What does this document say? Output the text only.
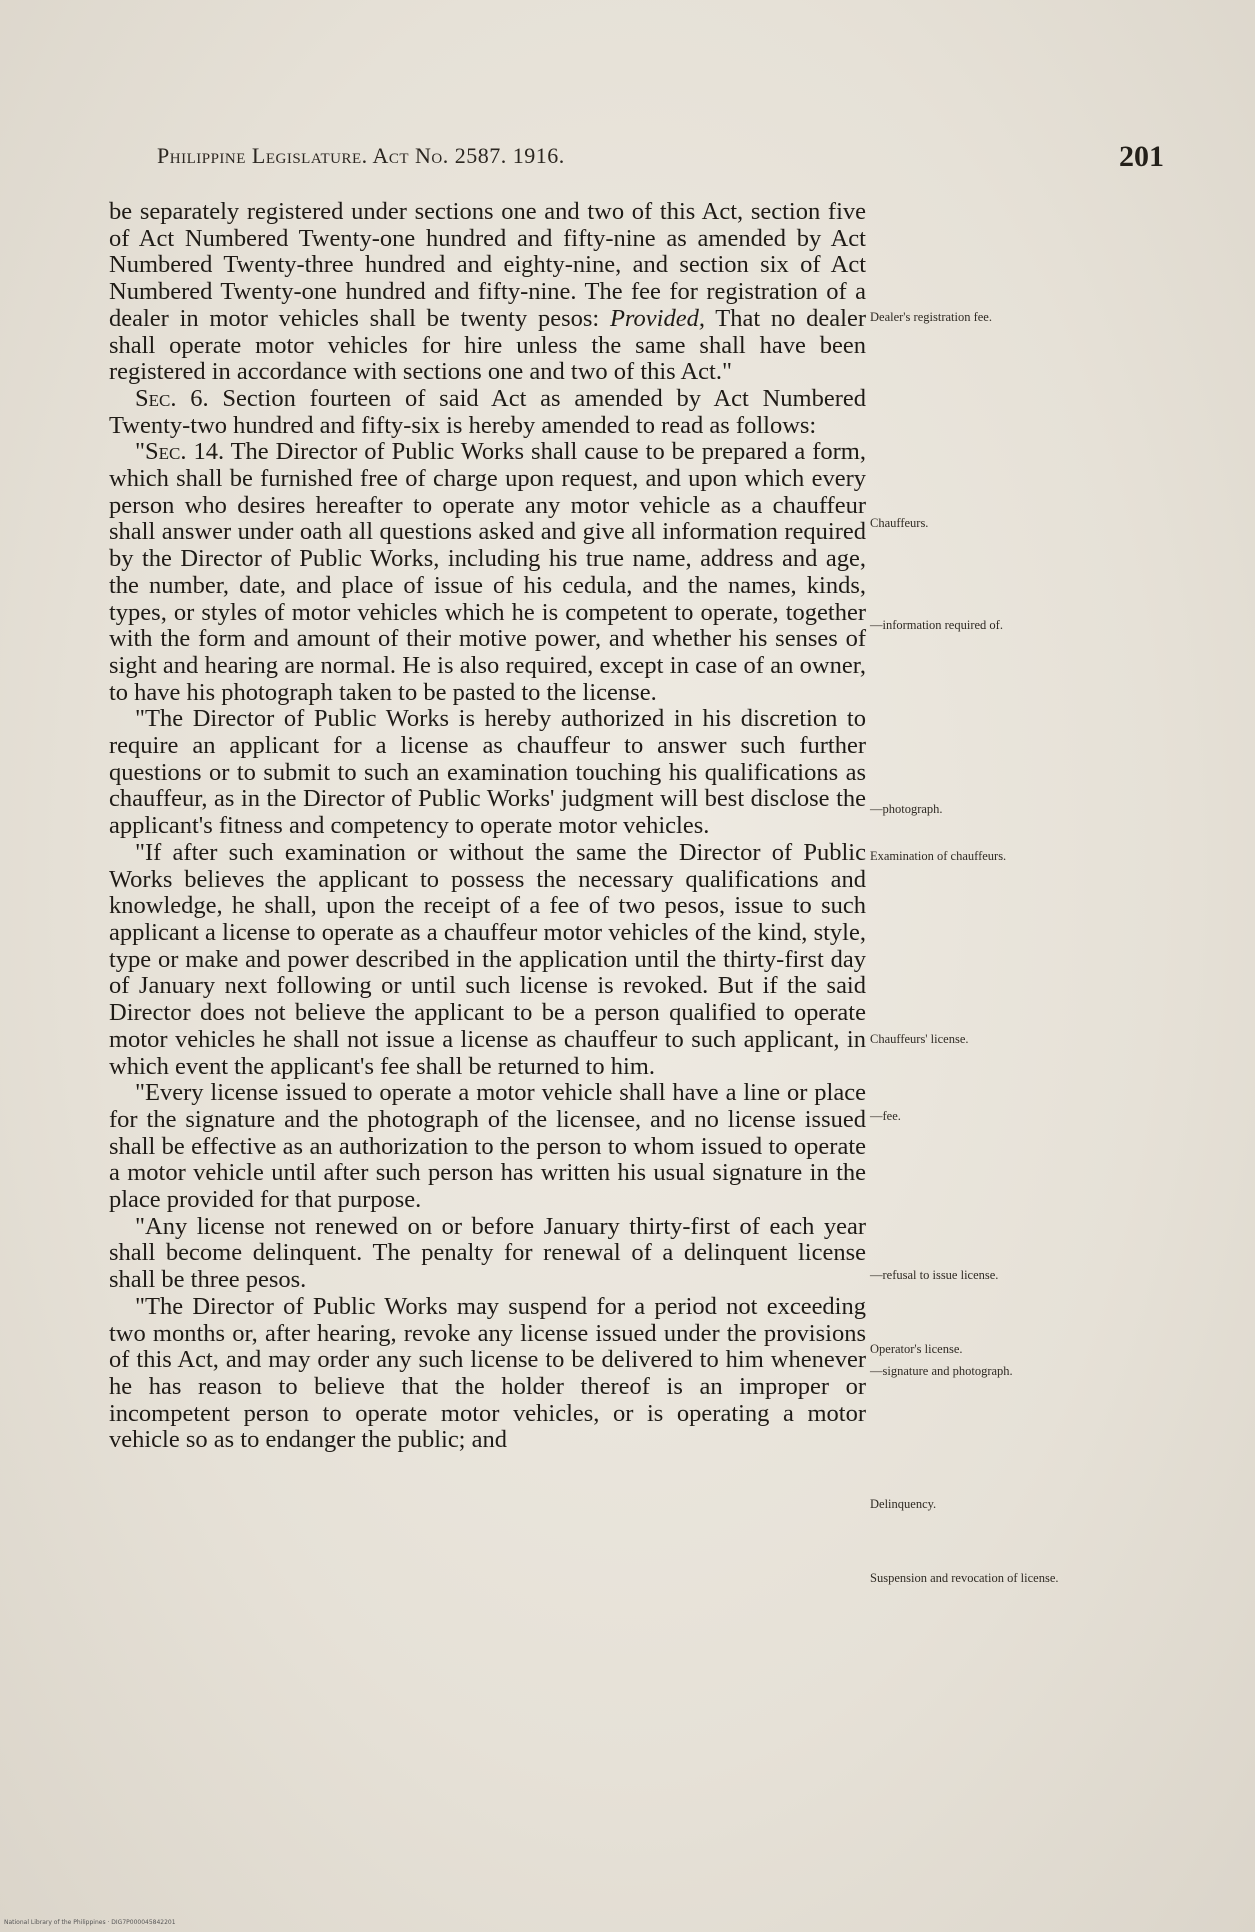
Philippine Legislature. Act No. 2587. 1916.	201

be separately registered under sections one and two of this Act, section five of Act Numbered Twenty-one hundred and fifty-nine as amended by Act Numbered Twenty-three hundred and eighty-nine, and section six of Act Numbered Twenty-one hundred and fifty-nine. The fee for registration of a dealer in motor vehicles shall be twenty pesos: Provided, That no dealer shall operate motor vehicles for hire unless the same shall have been registered in accordance with sections one and two of this Act."

Sec. 6. Section fourteen of said Act as amended by Act Numbered Twenty-two hundred and fifty-six is hereby amended to read as follows:

"Sec. 14. The Director of Public Works shall cause to be prepared a form, which shall be furnished free of charge upon request, and upon which every person who desires hereafter to operate any motor vehicle as a chauffeur shall answer under oath all questions asked and give all information required by the Director of Public Works, including his true name, address and age, the number, date, and place of issue of his cedula, and the names, kinds, types, or styles of motor vehicles which he is competent to operate, together with the form and amount of their motive power, and whether his senses of sight and hearing are normal. He is also required, except in case of an owner, to have his photograph taken to be pasted to the license.

"The Director of Public Works is hereby authorized in his discretion to require an applicant for a license as chauffeur to answer such further questions or to submit to such an examination touching his qualifications as chauffeur, as in the Director of Public Works' judgment will best disclose the applicant's fitness and competency to operate motor vehicles.

"If after such examination or without the same the Director of Public Works believes the applicant to possess the necessary qualifications and knowledge, he shall, upon the receipt of a fee of two pesos, issue to such applicant a license to operate as a chauffeur motor vehicles of the kind, style, type or make and power described in the application until the thirty-first day of January next following or until such license is revoked. But if the said Director does not believe the applicant to be a person qualified to operate motor vehicles he shall not issue a license as chauffeur to such applicant, in which event the applicant's fee shall be returned to him.

"Every license issued to operate a motor vehicle shall have a line or place for the signature and the photograph of the licensee, and no license issued shall be effective as an authorization to the person to whom issued to operate a motor vehicle until after such person has written his usual signature in the place provided for that purpose.

"Any license not renewed on or before January thirty-first of each year shall become delinquent. The penalty for renewal of a delinquent license shall be three pesos.

"The Director of Public Works may suspend for a period not exceeding two months or, after hearing, revoke any license issued under the provisions of this Act, and may order any such license to be delivered to him whenever he has reason to believe that the holder thereof is an improper or incompetent person to operate motor vehicles, or is operating a motor vehicle so as to endanger the public; and

Dealer's registration fee.
Chauffeurs.
—information required of.
—photograph.
Examination of chauffeurs.
Chauffeurs' license.
—fee.
—refusal to issue license.
Operator's license.
—signature and photograph.
Delinquency.
Suspension and revocation of license.
National Library of the Philippines · DIG7P000045842201
